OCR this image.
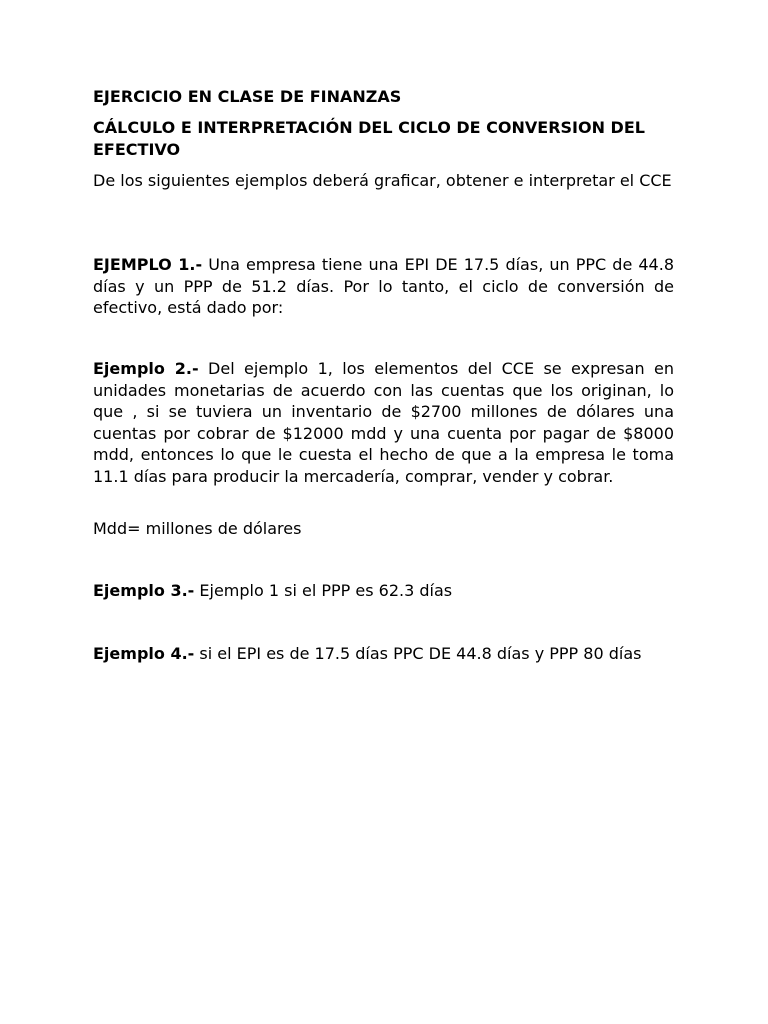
EJERCICIO EN CLASE DE FINANZAS

CÁLCULO E INTERPRETACIÓN DEL CICLO DE CONVERSION DEL EFECTIVO

De los siguientes ejemplos deberá graficar, obtener e interpretar el CCE

EJEMPLO 1.- Una empresa tiene una EPI DE 17.5 días, un PPC de 44.8 días y un PPP de 51.2 días. Por lo tanto, el ciclo de conversión de efectivo, está dado por:

Ejemplo 2.- Del ejemplo 1, los elementos del CCE se expresan en unidades monetarias de acuerdo con las cuentas que los originan, lo que , si se tuviera un inventario de $2700 millones de dólares una cuentas por cobrar de $12000 mdd y una cuenta por pagar de $8000 mdd, entonces lo que le cuesta el hecho de que a la empresa le toma 11.1 días para producir la mercadería, comprar, vender y cobrar.

Mdd= millones de dólares

Ejemplo 3.- Ejemplo 1 si el PPP es 62.3 días

Ejemplo 4.- si el EPI es de 17.5 días PPC DE 44.8 días y PPP 80 días
